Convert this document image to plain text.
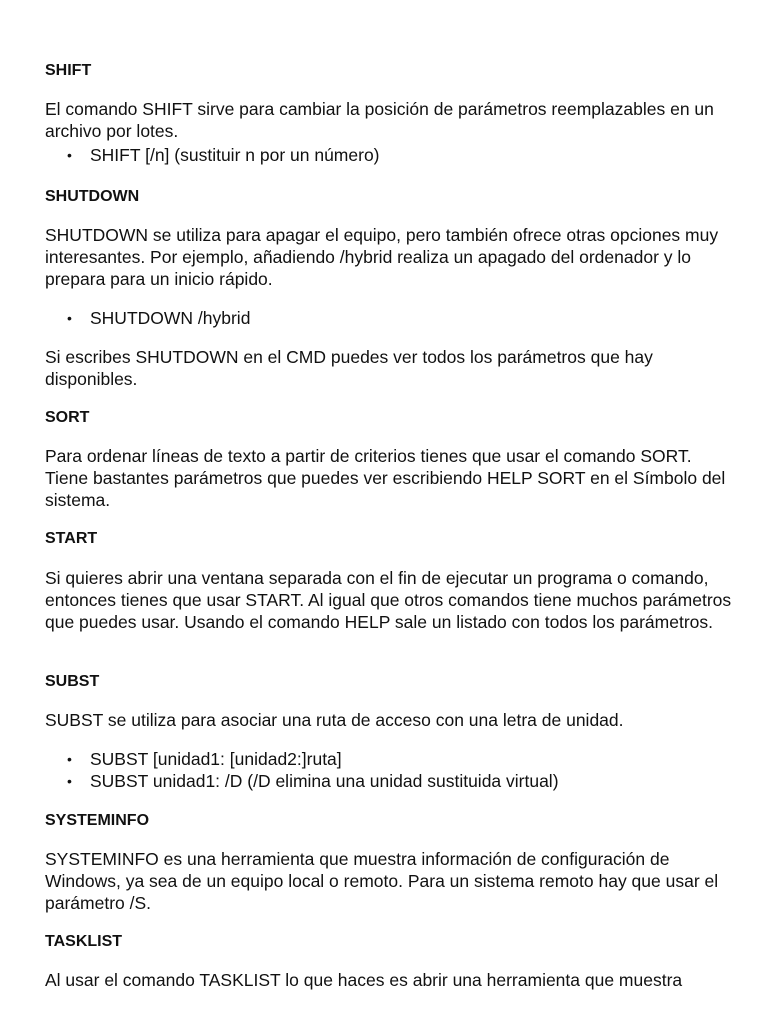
SHIFT

El comando SHIFT sirve para cambiar la posición de parámetros reemplazables en un archivo por lotes.

• SHIFT [/n] (sustituir n por un número)

SHUTDOWN

SHUTDOWN se utiliza para apagar el equipo, pero también ofrece otras opciones muy interesantes. Por ejemplo, añadiendo /hybrid realiza un apagado del ordenador y lo prepara para un inicio rápido.

• SHUTDOWN /hybrid

Si escribes SHUTDOWN en el CMD puedes ver todos los parámetros que hay disponibles.

SORT

Para ordenar líneas de texto a partir de criterios tienes que usar el comando SORT. Tiene bastantes parámetros que puedes ver escribiendo HELP SORT en el Símbolo del sistema.

START

Si quieres abrir una ventana separada con el fin de ejecutar un programa o comando, entonces tienes que usar START. Al igual que otros comandos tiene muchos parámetros que puedes usar. Usando el comando HELP sale un listado con todos los parámetros.

SUBST

SUBST se utiliza para asociar una ruta de acceso con una letra de unidad.

• SUBST [unidad1: [unidad2:]ruta]
• SUBST unidad1: /D (/D elimina una unidad sustituida virtual)

SYSTEMINFO

SYSTEMINFO es una herramienta que muestra información de configuración de Windows, ya sea de un equipo local o remoto. Para un sistema remoto hay que usar el parámetro /S.

TASKLIST

Al usar el comando TASKLIST lo que haces es abrir una herramienta que muestra
